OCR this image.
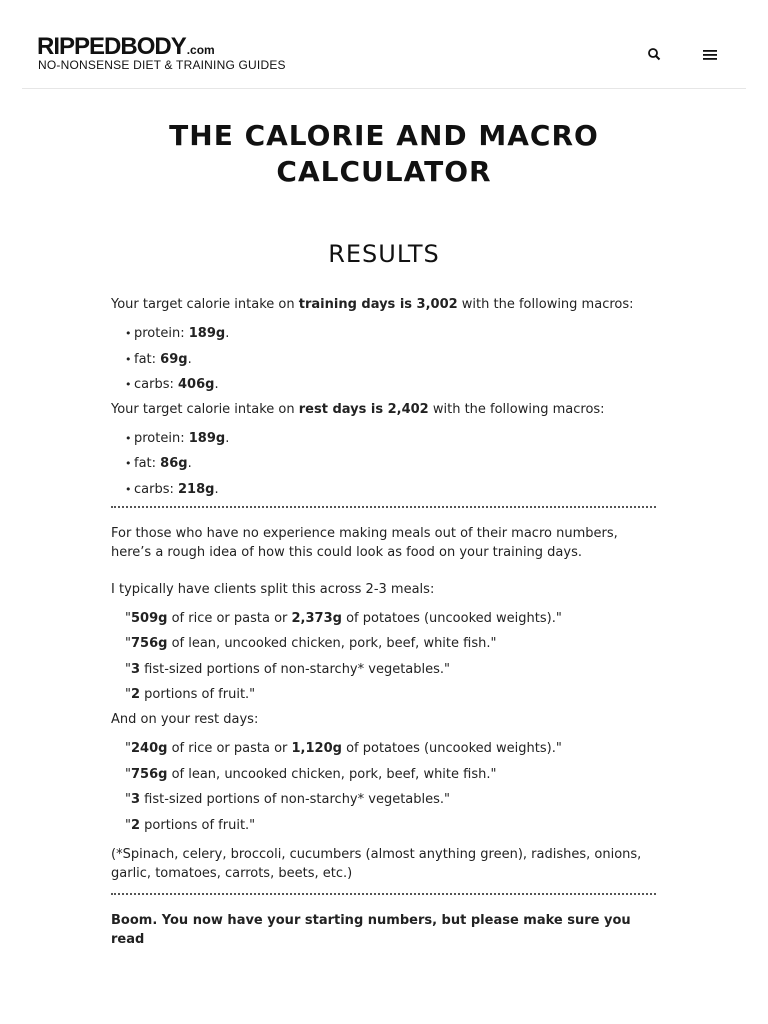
RIPPEDBODY.com
NO-NONSENSE DIET & TRAINING GUIDES
THE CALORIE AND MACRO CALCULATOR
RESULTS

Your target calorie intake on training days is 3,002 with the following macros:

• protein: 189g.
• fat: 69g.
• carbs: 406g.

Your target calorie intake on rest days is 2,402 with the following macros:

• protein: 189g.
• fat: 86g.
• carbs: 218g.

For those who have no experience making meals out of their macro numbers, here’s a rough idea of how this could look as food on your training days.

I typically have clients split this across 2-3 meals:

"509g of rice or pasta or 2,373g of potatoes (uncooked weights)."
"756g of lean, uncooked chicken, pork, beef, white fish."
"3 fist-sized portions of non-starchy* vegetables."
"2 portions of fruit."

And on your rest days:

"240g of rice or pasta or 1,120g of potatoes (uncooked weights)."
"756g of lean, uncooked chicken, pork, beef, white fish."
"3 fist-sized portions of non-starchy* vegetables."
"2 portions of fruit."

(*Spinach, celery, broccoli, cucumbers (almost anything green), radishes, onions, garlic, tomatoes, carrots, beets, etc.)

Boom. You now have your starting numbers, but please make sure you read
